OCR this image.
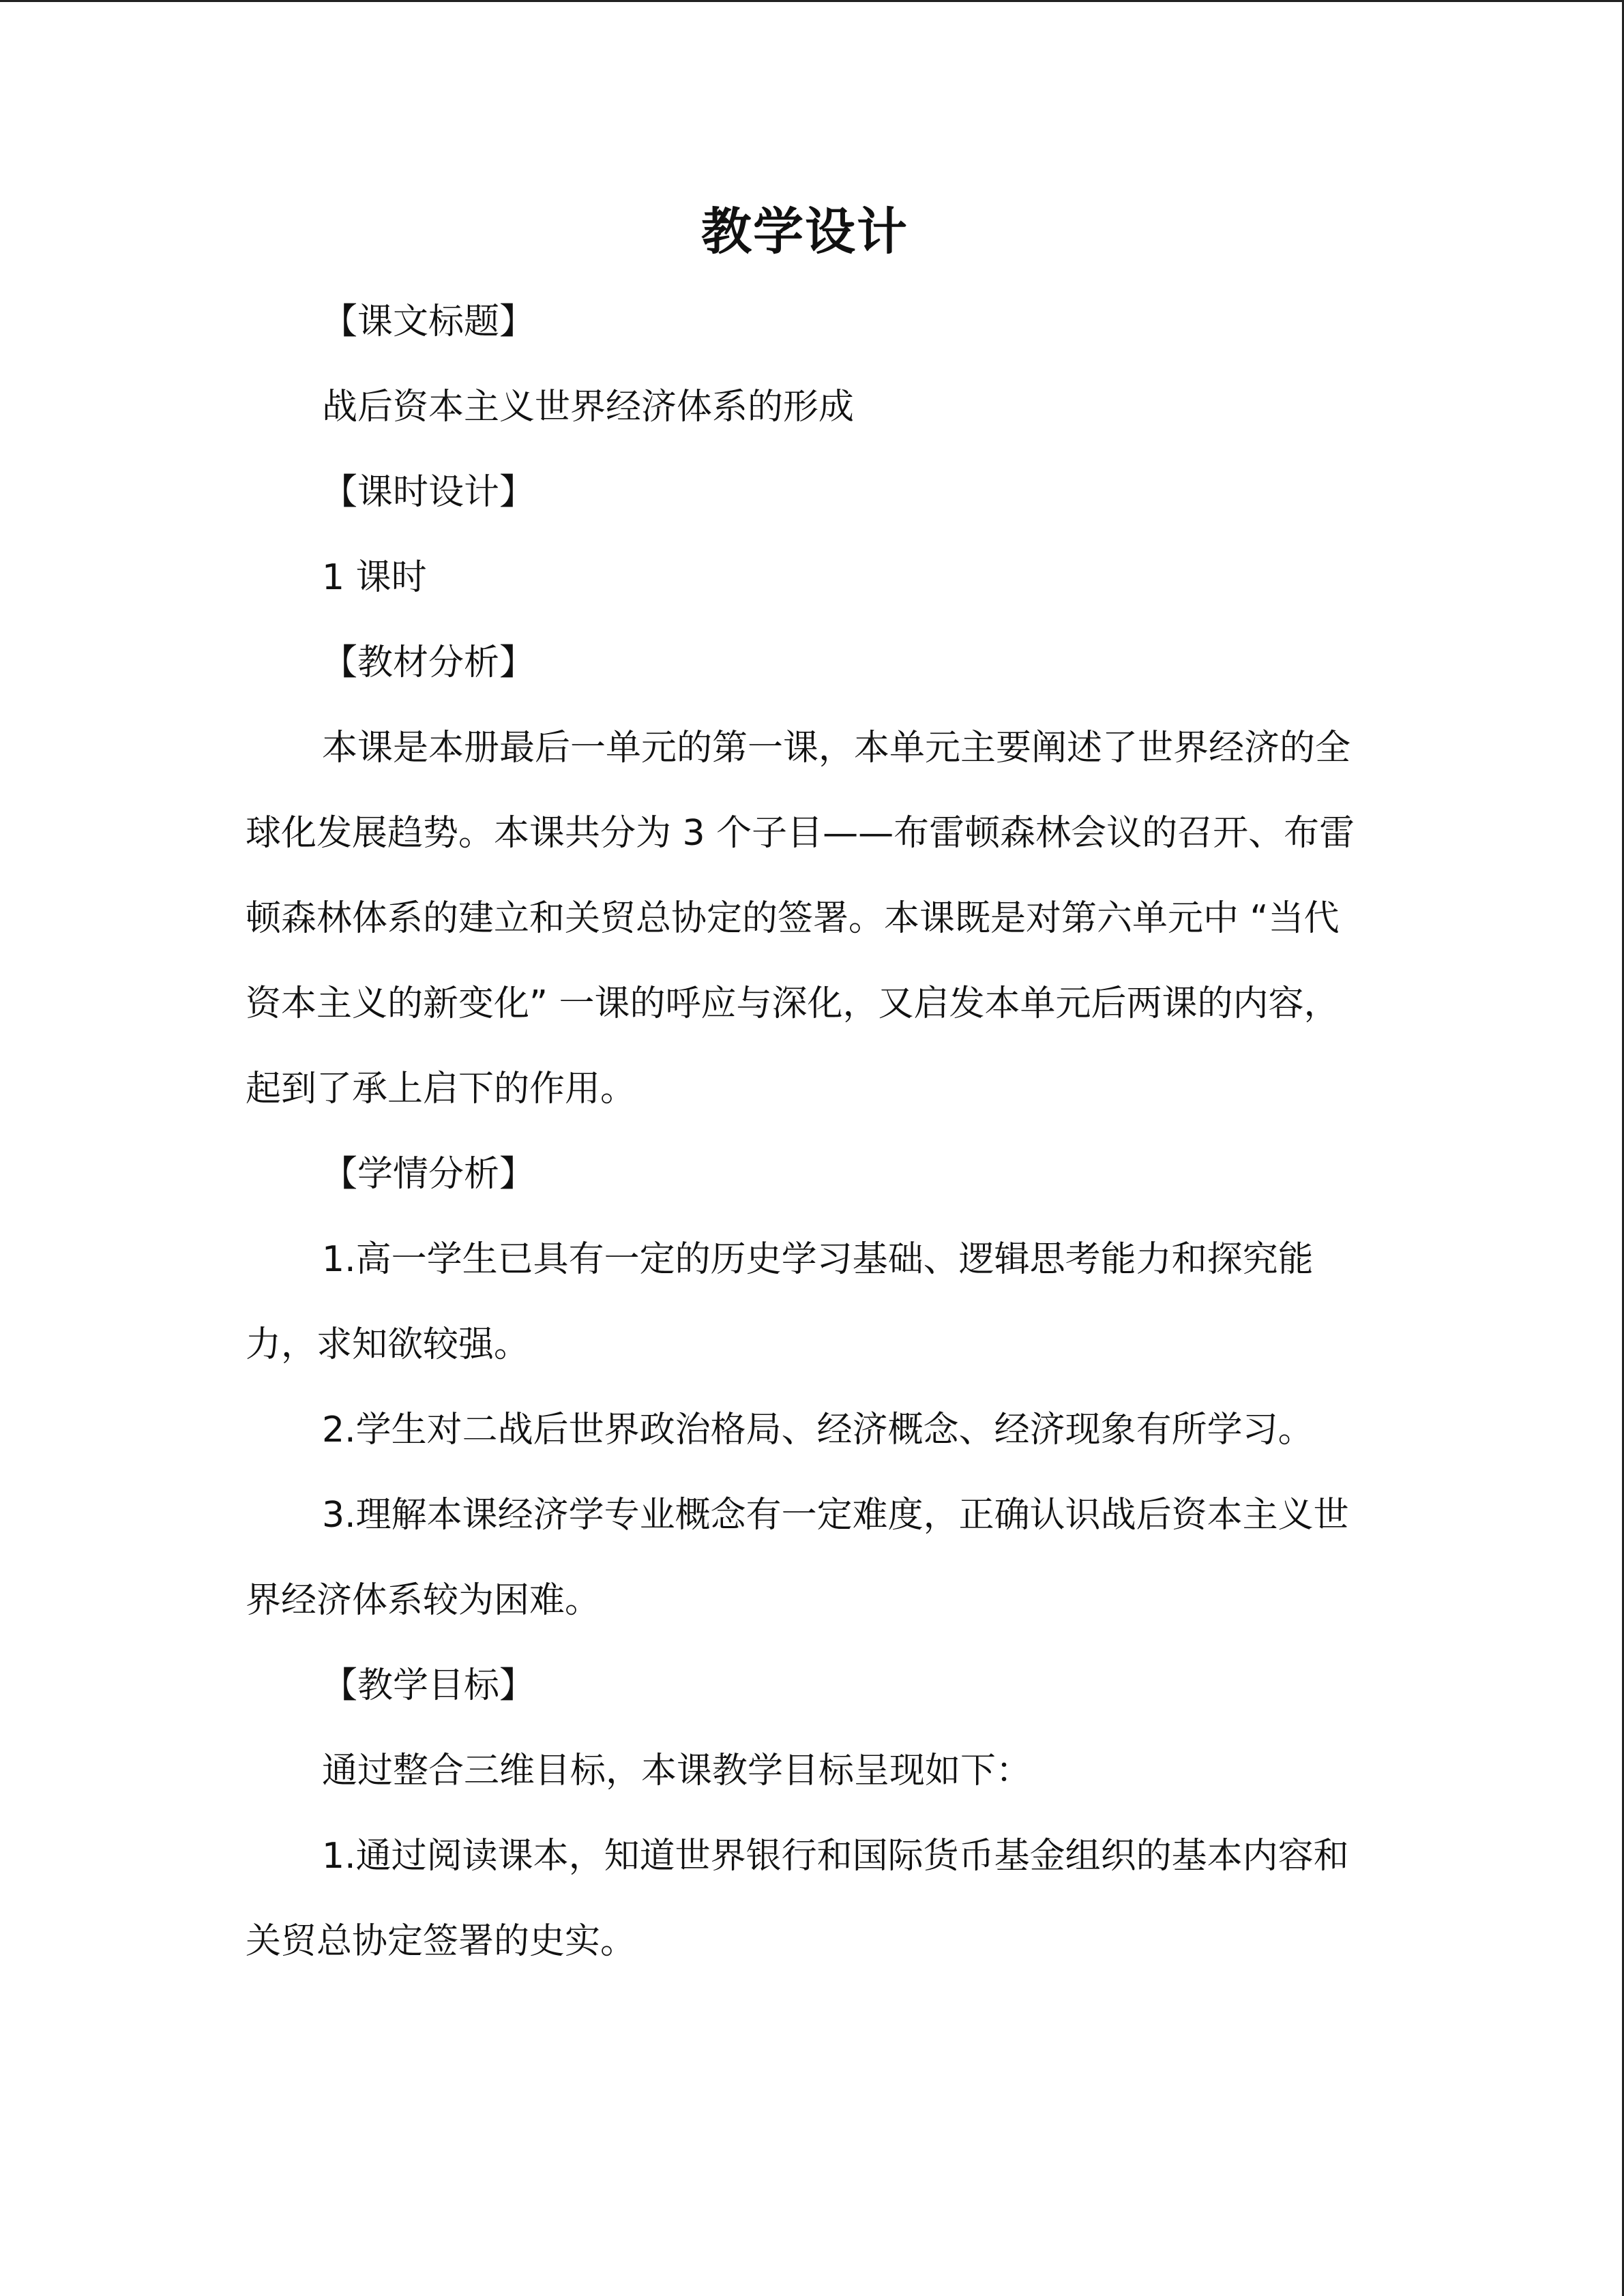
教学设计

【课文标题】

战后资本主义世界经济体系的形成

【课时设计】

1 课时

【教材分析】

本课是本册最后一单元的第一课，本单元主要阐述了世界经济的全球化发展趋势。本课共分为 3 个子目——布雷顿森林会议的召开、布雷顿森林体系的建立和关贸总协定的签署。本课既是对第六单元中 “当代资本主义的新变化” 一课的呼应与深化，又启发本单元后两课的内容，起到了承上启下的作用。

【学情分析】

1.高一学生已具有一定的历史学习基础、逻辑思考能力和探究能力，求知欲较强。

2.学生对二战后世界政治格局、经济概念、经济现象有所学习。

3.理解本课经济学专业概念有一定难度，正确认识战后资本主义世界经济体系较为困难。

【教学目标】

通过整合三维目标，本课教学目标呈现如下：

1.通过阅读课本，知道世界银行和国际货币基金组织的基本内容和关贸总协定签署的史实。
